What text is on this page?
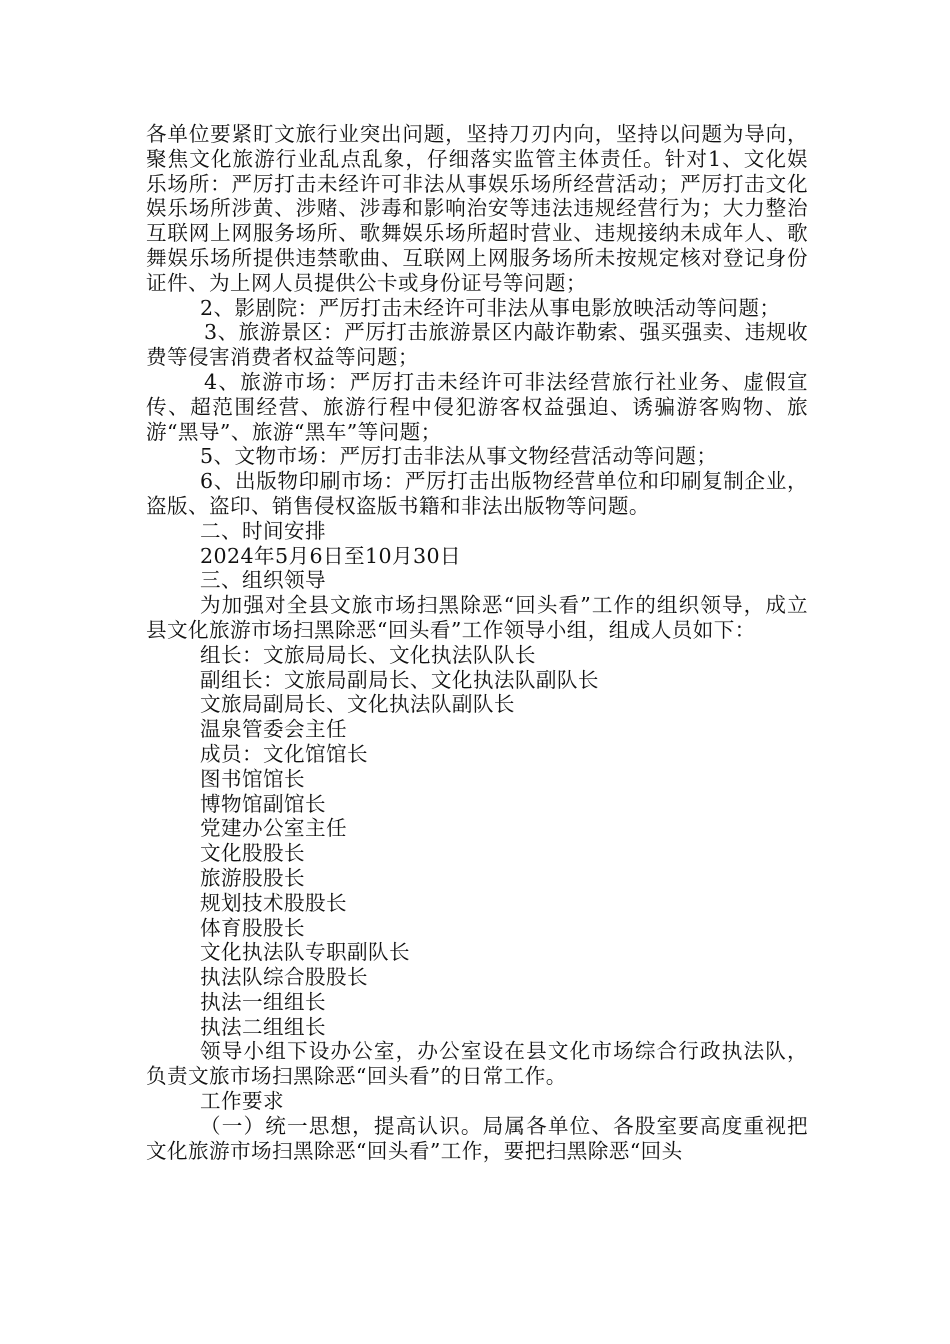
各单位要紧盯文旅行业突出问题，坚持刀刃内向，坚持以问题为导向，聚焦文化旅游行业乱点乱象，仔细落实监管主体责任。针对1、文化娱乐场所：严厉打击未经许可非法从事娱乐场所经营活动；严厉打击文化娱乐场所涉黄、涉赌、涉毒和影响治安等违法违规经营行为；大力整治互联网上网服务场所、歌舞娱乐场所超时营业、违规接纳未成年人、歌舞娱乐场所提供违禁歌曲、互联网上网服务场所未按规定核对登记身份证件、为上网人员提供公卡或身份证号等问题；

2、影剧院：严厉打击未经许可非法从事电影放映活动等问题；

3、旅游景区：严厉打击旅游景区内敲诈勒索、强买强卖、违规收费等侵害消费者权益等问题；

4、旅游市场：严厉打击未经许可非法经营旅行社业务、虚假宣传、超范围经营、旅游行程中侵犯游客权益强迫、诱骗游客购物、旅游“黑导”、旅游“黑车”等问题；

5、文物市场：严厉打击非法从事文物经营活动等问题；

6、出版物印刷市场：严厉打击出版物经营单位和印刷复制企业，盗版、盗印、销售侵权盗版书籍和非法出版物等问题。

二、时间安排

2024年5月6日至10月30日

三、组织领导

为加强对全县文旅市场扫黑除恶“回头看”工作的组织领导，成立县文化旅游市场扫黑除恶“回头看”工作领导小组，组成人员如下：

组长：文旅局局长、文化执法队队长

副组长：文旅局副局长、文化执法队副队长

文旅局副局长、文化执法队副队长

温泉管委会主任

成员：文化馆馆长

图书馆馆长

博物馆副馆长

党建办公室主任

文化股股长

旅游股股长

规划技术股股长

体育股股长

文化执法队专职副队长

执法队综合股股长

执法一组组长

执法二组组长

领导小组下设办公室，办公室设在县文化市场综合行政执法队，负责文旅市场扫黑除恶“回头看”的日常工作。

工作要求

（一）统一思想，提高认识。局属各单位、各股室要高度重视把文化旅游市场扫黑除恶“回头看”工作，要把扫黑除恶“回头
